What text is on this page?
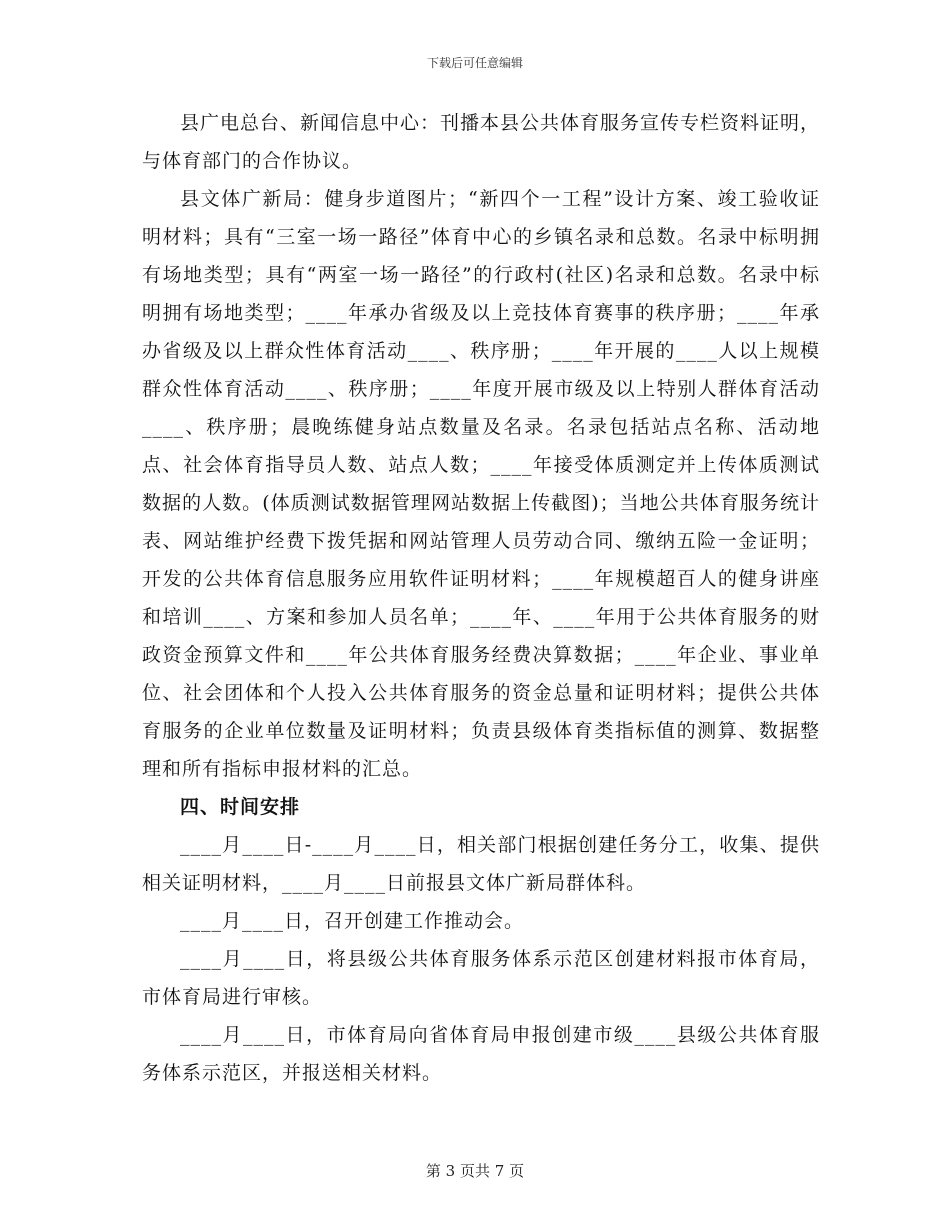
下载后可任意编辑

县广电总台、新闻信息中心：刊播本县公共体育服务宣传专栏资料证明，与体育部门的合作协议。

县文体广新局：健身步道图片；“新四个一工程”设计方案、竣工验收证明材料；具有“三室一场一路径”体育中心的乡镇名录和总数。名录中标明拥有场地类型；具有“两室一场一路径”的行政村(社区)名录和总数。名录中标明拥有场地类型；____年承办省级及以上竞技体育赛事的秩序册；____年承办省级及以上群众性体育活动____、秩序册；____年开展的____人以上规模群众性体育活动____、秩序册；____年度开展市级及以上特别人群体育活动____、秩序册；晨晚练健身站点数量及名录。名录包括站点名称、活动地点、社会体育指导员人数、站点人数；____年接受体质测定并上传体质测试数据的人数。(体质测试数据管理网站数据上传截图)；当地公共体育服务统计表、网站维护经费下拨凭据和网站管理人员劳动合同、缴纳五险一金证明；开发的公共体育信息服务应用软件证明材料；____年规模超百人的健身讲座和培训____、方案和参加人员名单；____年、____年用于公共体育服务的财政资金预算文件和____年公共体育服务经费决算数据；____年企业、事业单位、社会团体和个人投入公共体育服务的资金总量和证明材料；提供公共体育服务的企业单位数量及证明材料；负责县级体育类指标值的测算、数据整理和所有指标申报材料的汇总。

四、时间安排

____月____日-____月____日，相关部门根据创建任务分工，收集、提供相关证明材料，____月____日前报县文体广新局群体科。

____月____日，召开创建工作推动会。

____月____日，将县级公共体育服务体系示范区创建材料报市体育局，市体育局进行审核。

____月____日，市体育局向省体育局申报创建市级____县级公共体育服务体系示范区，并报送相关材料。

第 3 页共 7 页
